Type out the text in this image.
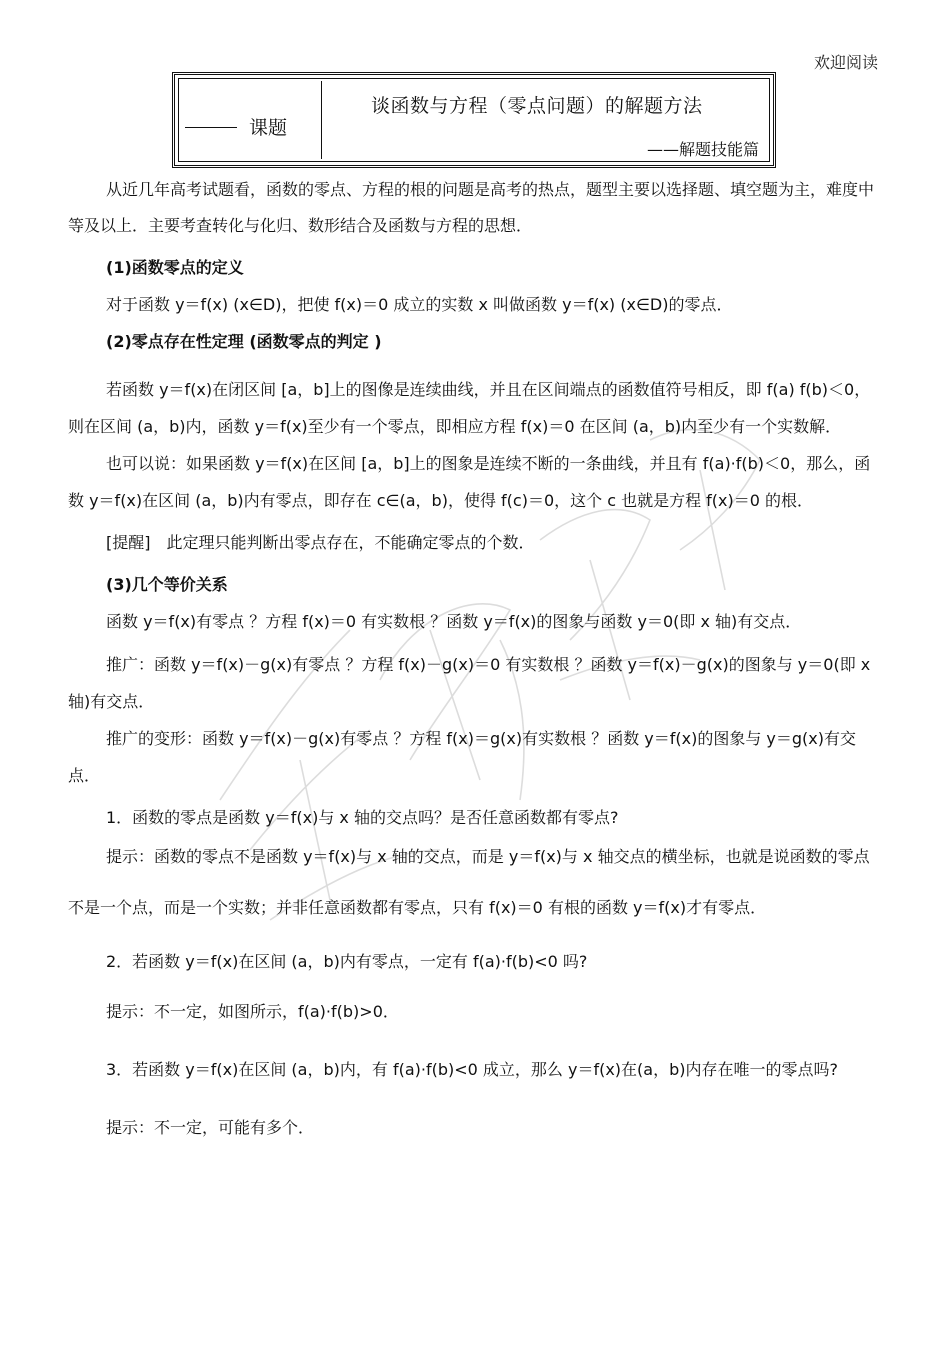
欢迎阅读
课题
谈函数与方程（零点问题）的解题方法
——解题技能篇

从近几年高考试题看，函数的零点、方程的根的问题是高考的热点，题型主要以选择题、填空题为主，难度中等及以上．主要考查转化与化归、数形结合及函数与方程的思想．

(1)函数零点的定义

对于函数 y＝f(x) (x∈D)，把使 f(x)＝0 成立的实数 x 叫做函数 y＝f(x) (x∈D)的零点．

(2)零点存在性定理 (函数零点的判定 )

若函数 y＝f(x)在闭区间 [a，b]上的图像是连续曲线，并且在区间端点的函数值符号相反，即 f(a) f(b)＜0，则在区间 (a，b)内，函数 y＝f(x)至少有一个零点，即相应方程 f(x)＝0 在区间 (a，b)内至少有一个实数解．

也可以说：如果函数 y＝f(x)在区间 [a，b]上的图象是连续不断的一条曲线，并且有 f(a)·f(b)＜0，那么，函数 y＝f(x)在区间 (a，b)内有零点，即存在 c∈(a，b)，使得 f(c)＝0，这个 c 也就是方程 f(x)＝0 的根．

[提醒]　此定理只能判断出零点存在，不能确定零点的个数．

(3)几个等价关系

函数 y＝f(x)有零点 ？方程 f(x)＝0 有实数根 ？函数 y＝f(x)的图象与函数 y＝0(即 x 轴)有交点．

推广：函数 y＝f(x)－g(x)有零点 ？方程 f(x)－g(x)＝0 有实数根 ？函数 y＝f(x)－g(x)的图象与 y＝0(即 x 轴)有交点．

推广的变形：函数 y＝f(x)－g(x)有零点 ？方程 f(x)＝g(x)有实数根 ？函数 y＝f(x)的图象与 y＝g(x)有交点．

1．函数的零点是函数 y＝f(x)与 x 轴的交点吗？是否任意函数都有零点?

提示：函数的零点不是函数 y＝f(x)与 x 轴的交点，而是 y＝f(x)与 x 轴交点的横坐标，也就是说函数的零点不是一个点，而是一个实数；并非任意函数都有零点，只有 f(x)＝0 有根的函数 y＝f(x)才有零点．

2．若函数 y＝f(x)在区间 (a，b)内有零点，一定有 f(a)·f(b)<0 吗?

提示：不一定，如图所示，f(a)·f(b)>0．

3．若函数 y＝f(x)在区间 (a，b)内，有 f(a)·f(b)<0 成立，那么 y＝f(x)在(a，b)内存在唯一的零点吗?

提示：不一定，可能有多个．
